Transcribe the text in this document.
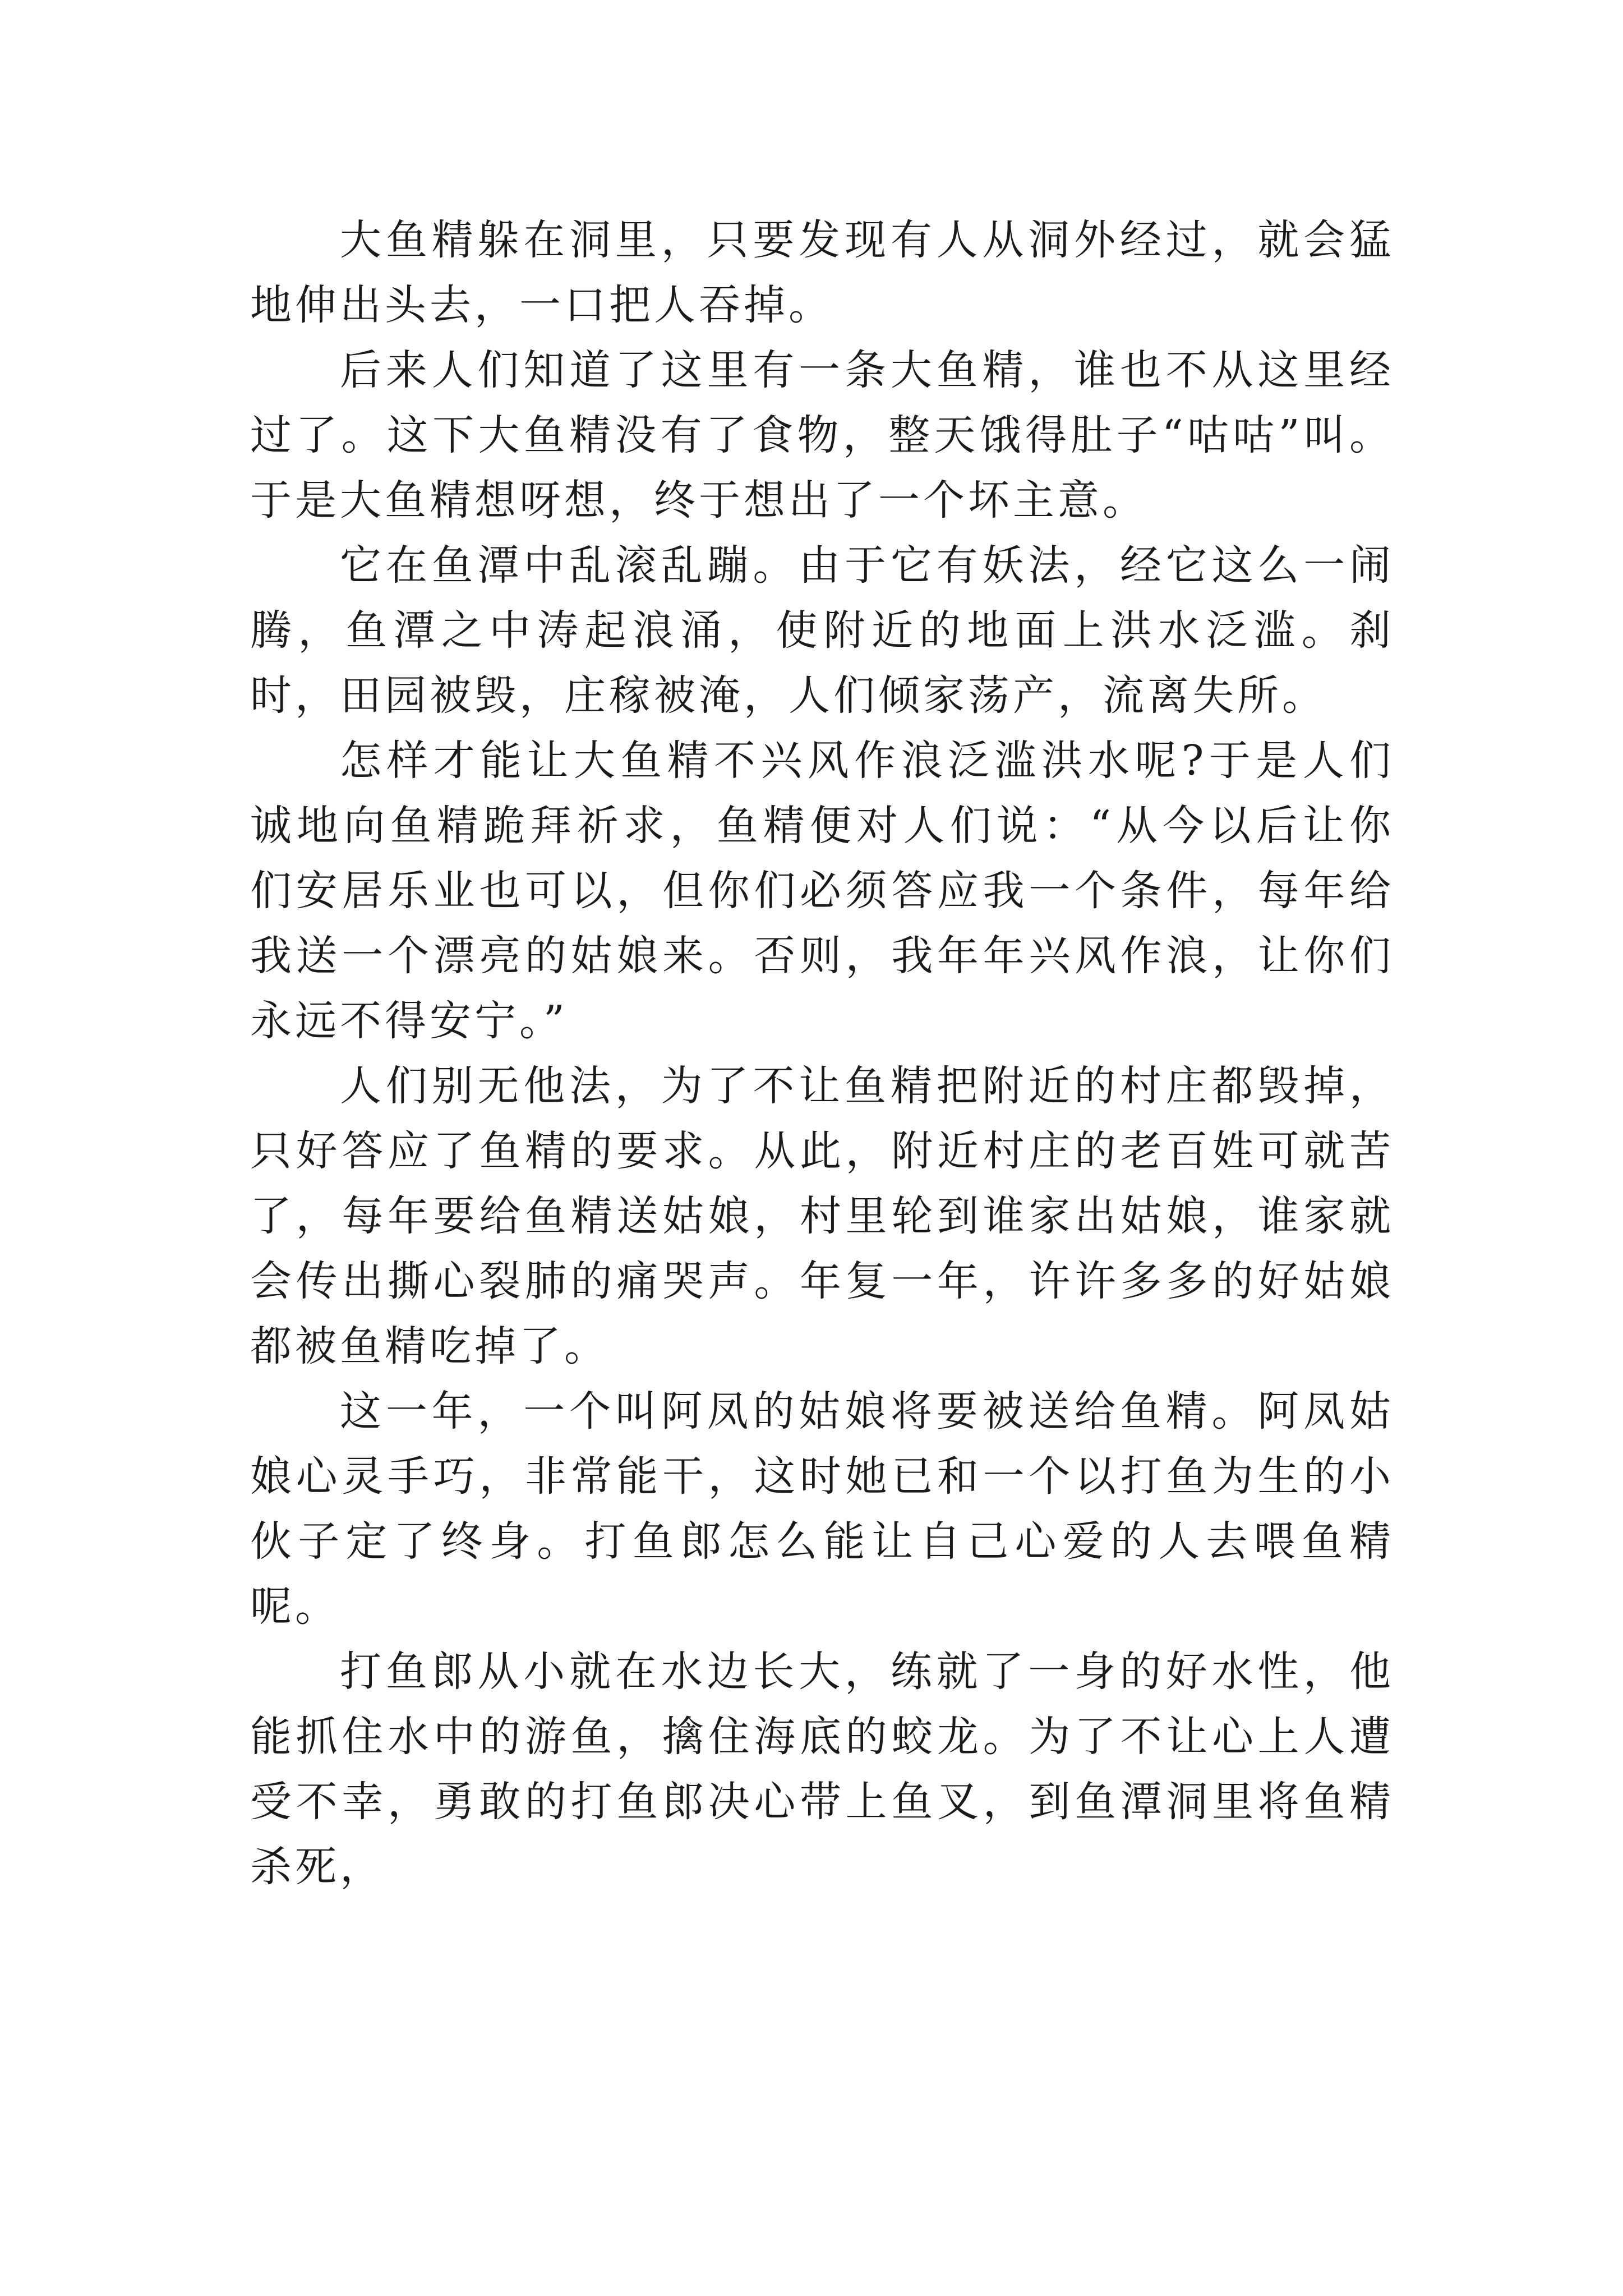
大鱼精躲在洞里，只要发现有人从洞外经过，就会猛地伸出头去，一口把人吞掉。

后来人们知道了这里有一条大鱼精，谁也不从这里经过了。这下大鱼精没有了食物，整天饿得肚子“咕咕”叫。于是大鱼精想呀想，终于想出了一个坏主意。

它在鱼潭中乱滚乱蹦。由于它有妖法，经它这么一闹腾，鱼潭之中涛起浪涌，使附近的地面上洪水泛滥。刹时，田园被毁，庄稼被淹，人们倾家荡产，流离失所。

怎样才能让大鱼精不兴风作浪泛滥洪水呢?于是人们诚地向鱼精跪拜祈求，鱼精便对人们说：“从今以后让你们安居乐业也可以，但你们必须答应我一个条件，每年给我送一个漂亮的姑娘来。否则，我年年兴风作浪，让你们永远不得安宁。”

人们别无他法，为了不让鱼精把附近的村庄都毁掉，只好答应了鱼精的要求。从此，附近村庄的老百姓可就苦了，每年要给鱼精送姑娘，村里轮到谁家出姑娘，谁家就会传出撕心裂肺的痛哭声。年复一年，许许多多的好姑娘都被鱼精吃掉了。

这一年，一个叫阿凤的姑娘将要被送给鱼精。阿凤姑娘心灵手巧，非常能干，这时她已和一个以打鱼为生的小伙子定了终身。打鱼郎怎么能让自己心爱的人去喂鱼精呢。

打鱼郎从小就在水边长大，练就了一身的好水性，他能抓住水中的游鱼，擒住海底的蛟龙。为了不让心上人遭受不幸，勇敢的打鱼郎决心带上鱼叉，到鱼潭洞里将鱼精杀死，
